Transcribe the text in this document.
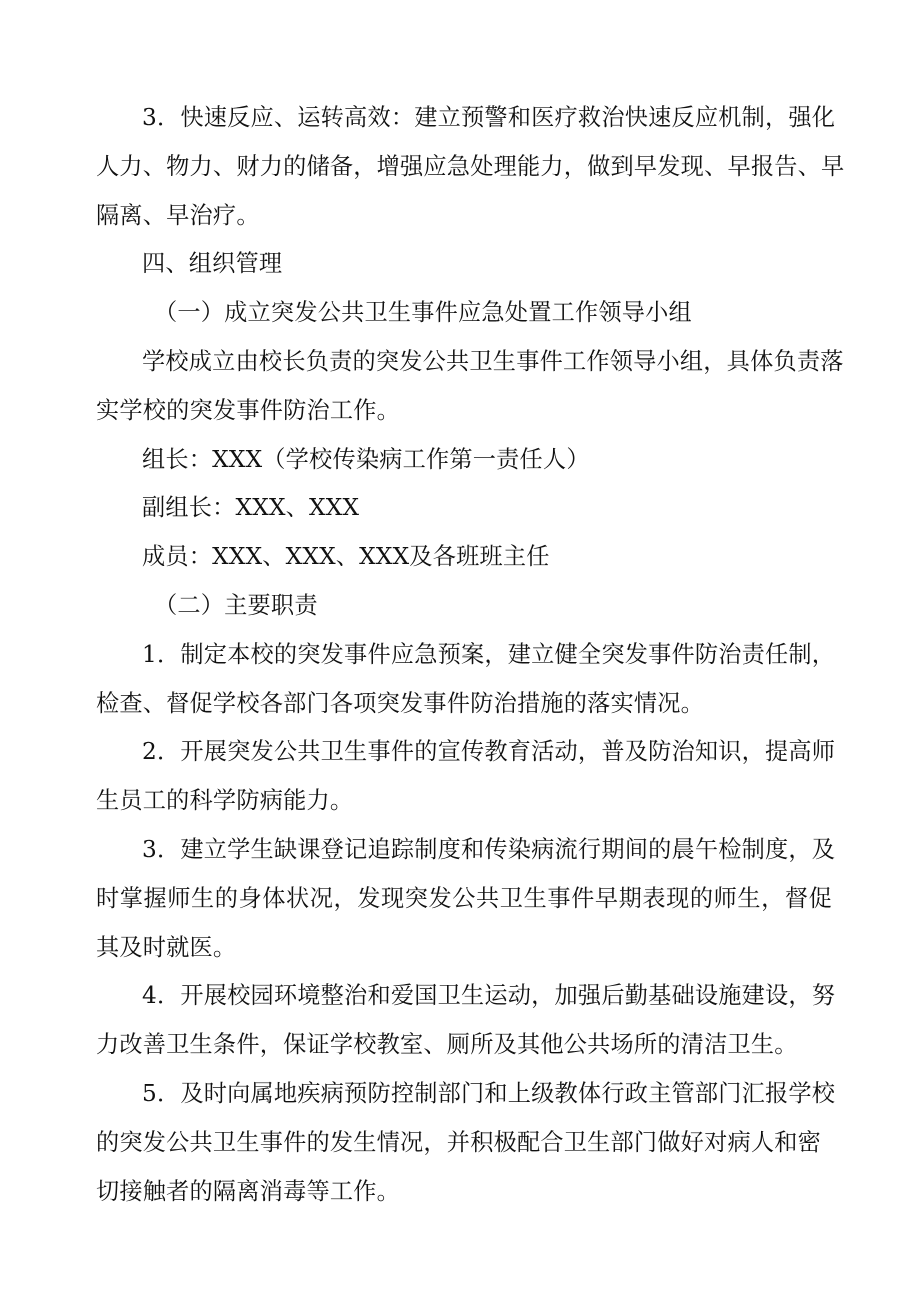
3．快速反应、运转高效：建立预警和医疗救治快速反应机制，强化
人力、物力、财力的储备，增强应急处理能力，做到早发现、早报告、早
隔离、早治疗。
四、组织管理
（一）成立突发公共卫生事件应急处置工作领导小组
学校成立由校长负责的突发公共卫生事件工作领导小组，具体负责落
实学校的突发事件防治工作。
组长：XXX（学校传染病工作第一责任人）
副组长：XXX、XXX
成员：XXX、XXX、XXX及各班班主任
（二）主要职责
1．制定本校的突发事件应急预案，建立健全突发事件防治责任制，
检查、督促学校各部门各项突发事件防治措施的落实情况。
2．开展突发公共卫生事件的宣传教育活动，普及防治知识，提高师
生员工的科学防病能力。
3．建立学生缺课登记追踪制度和传染病流行期间的晨午检制度，及
时掌握师生的身体状况，发现突发公共卫生事件早期表现的师生，督促
其及时就医。
4．开展校园环境整治和爱国卫生运动，加强后勤基础设施建设，努
力改善卫生条件，保证学校教室、厕所及其他公共场所的清洁卫生。
5．及时向属地疾病预防控制部门和上级教体行政主管部门汇报学校
的突发公共卫生事件的发生情况，并积极配合卫生部门做好对病人和密
切接触者的隔离消毒等工作。
